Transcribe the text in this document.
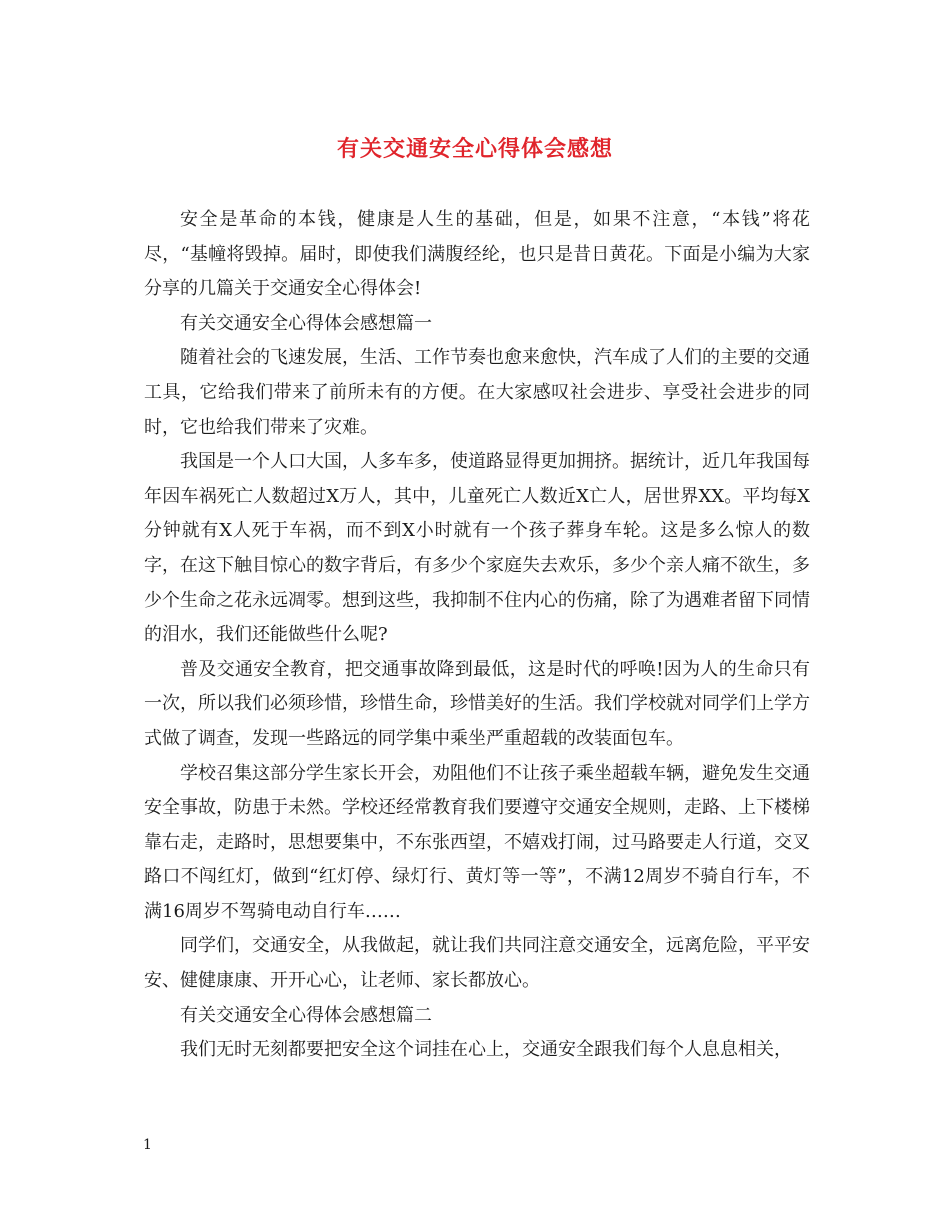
有关交通安全心得体会感想

安全是革命的本钱，健康是人生的基础，但是，如果不注意，“本钱”将花尽，“基幢将毁掉。届时，即使我们满腹经纶，也只是昔日黄花。下面是小编为大家分享的几篇关于交通安全心得体会!

有关交通安全心得体会感想篇一

随着社会的飞速发展，生活、工作节奏也愈来愈快，汽车成了人们的主要的交通工具，它给我们带来了前所未有的方便。在大家感叹社会进步、享受社会进步的同时，它也给我们带来了灾难。

我国是一个人口大国，人多车多，使道路显得更加拥挤。据统计，近几年我国每年因车祸死亡人数超过X万人，其中，儿童死亡人数近X亡人，居世界XX。平均每X分钟就有X人死于车祸，而不到X小时就有一个孩子葬身车轮。这是多么惊人的数字，在这下触目惊心的数字背后，有多少个家庭失去欢乐，多少个亲人痛不欲生，多少个生命之花永远凋零。想到这些，我抑制不住内心的伤痛，除了为遇难者留下同情的泪水，我们还能做些什么呢?

普及交通安全教育，把交通事故降到最低，这是时代的呼唤!因为人的生命只有一次，所以我们必须珍惜，珍惜生命，珍惜美好的生活。我们学校就对同学们上学方式做了调查，发现一些路远的同学集中乘坐严重超载的改装面包车。

学校召集这部分学生家长开会，劝阻他们不让孩子乘坐超载车辆，避免发生交通安全事故，防患于未然。学校还经常教育我们要遵守交通安全规则，走路、上下楼梯靠右走，走路时，思想要集中，不东张西望，不嬉戏打闹，过马路要走人行道，交叉路口不闯红灯，做到“红灯停、绿灯行、黄灯等一等”，不满12周岁不骑自行车，不满16周岁不驾骑电动自行车……

同学们，交通安全，从我做起，就让我们共同注意交通安全，远离危险，平平安安、健健康康、开开心心，让老师、家长都放心。

有关交通安全心得体会感想篇二

我们无时无刻都要把安全这个词挂在心上，交通安全跟我们每个人息息相关，

1
